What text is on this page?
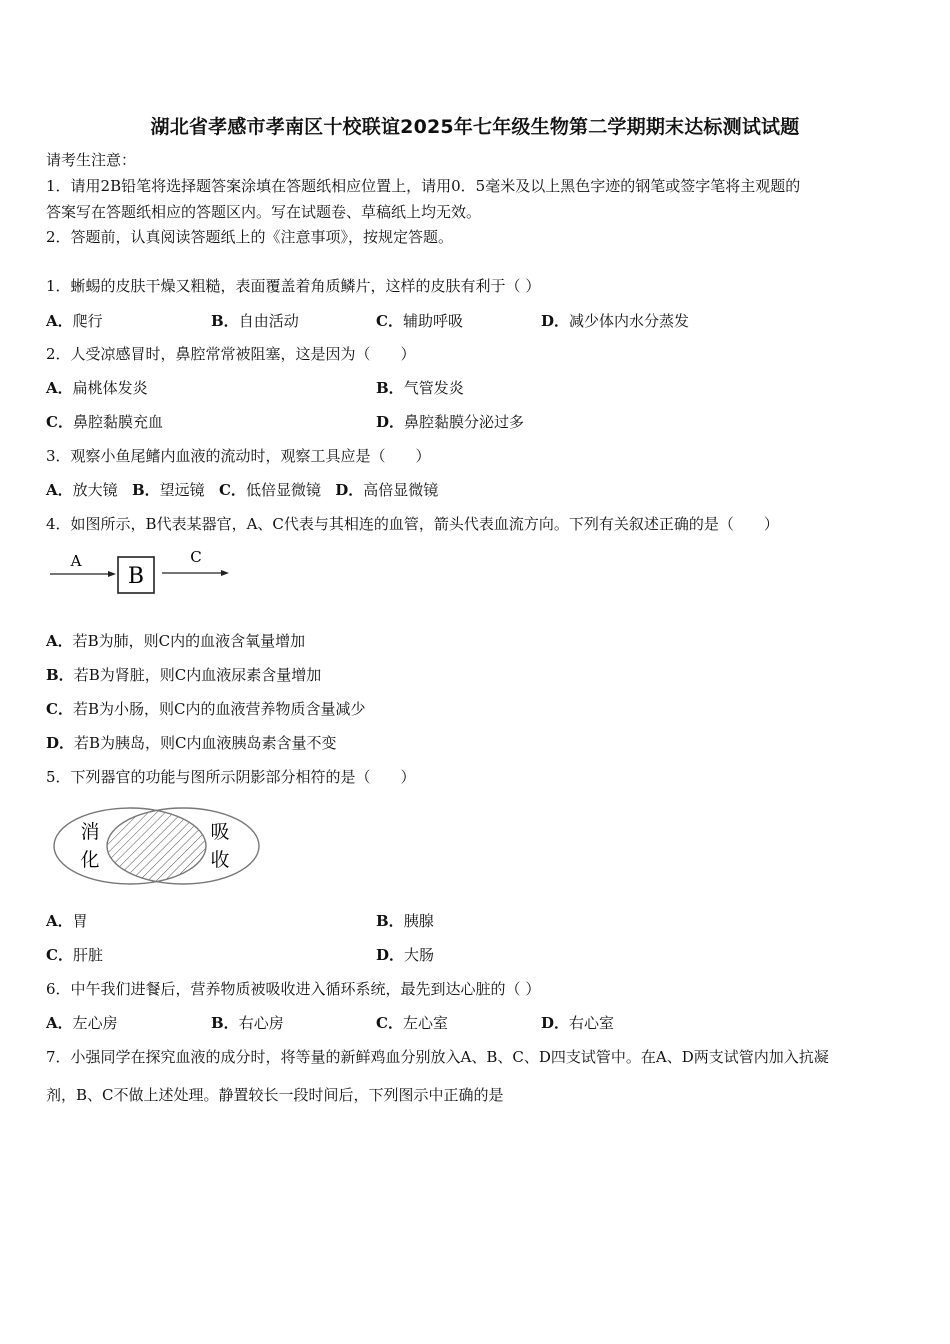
湖北省孝感市孝南区十校联谊2025年七年级生物第二学期期末达标测试试题
请考生注意：
1．请用2B铅笔将选择题答案涂填在答题纸相应位置上，请用0．5毫米及以上黑色字迹的钢笔或签字笔将主观题的
答案写在答题纸相应的答题区内。写在试题卷、草稿纸上均无效。
2．答题前，认真阅读答题纸上的《注意事项》，按规定答题。
1．蜥蜴的皮肤干燥又粗糙，表面覆盖着角质鳞片，这样的皮肤有利于（ ）
A．爬行	B．自由活动	C．辅助呼吸	D．减少体内水分蒸发
2．人受凉感冒时，鼻腔常常被阻塞，这是因为（　　）
A．扁桃体发炎	B．气管发炎
C．鼻腔黏膜充血	D．鼻腔黏膜分泌过多
3．观察小鱼尾鳍内血液的流动时，观察工具应是（　　）
A．放大镜 B．望远镜 C．低倍显微镜 D．高倍显微镜
4．如图所示，B代表某器官，A、C代表与其相连的血管，箭头代表血流方向。下列有关叙述正确的是（　　）
A
B
C
A．若B为肺，则C内的血液含氧量增加
B．若B为肾脏，则C内血液尿素含量增加
C．若B为小肠，则C内的血液营养物质含量减少
D．若B为胰岛，则C内血液胰岛素含量不变
5．下列器官的功能与图所示阴影部分相符的是（　　）
消
化
吸
收
A．胃	B．胰腺
C．肝脏	D．大肠
6．中午我们进餐后，营养物质被吸收进入循环系统，最先到达心脏的（ ）
A．左心房	B．右心房	C．左心室	D．右心室
7．小强同学在探究血液的成分时，将等量的新鲜鸡血分别放入A、B、C、D四支试管中。在A、D两支试管内加入抗凝
剂，B、C不做上述处理。静置较长一段时间后，下列图示中正确的是
